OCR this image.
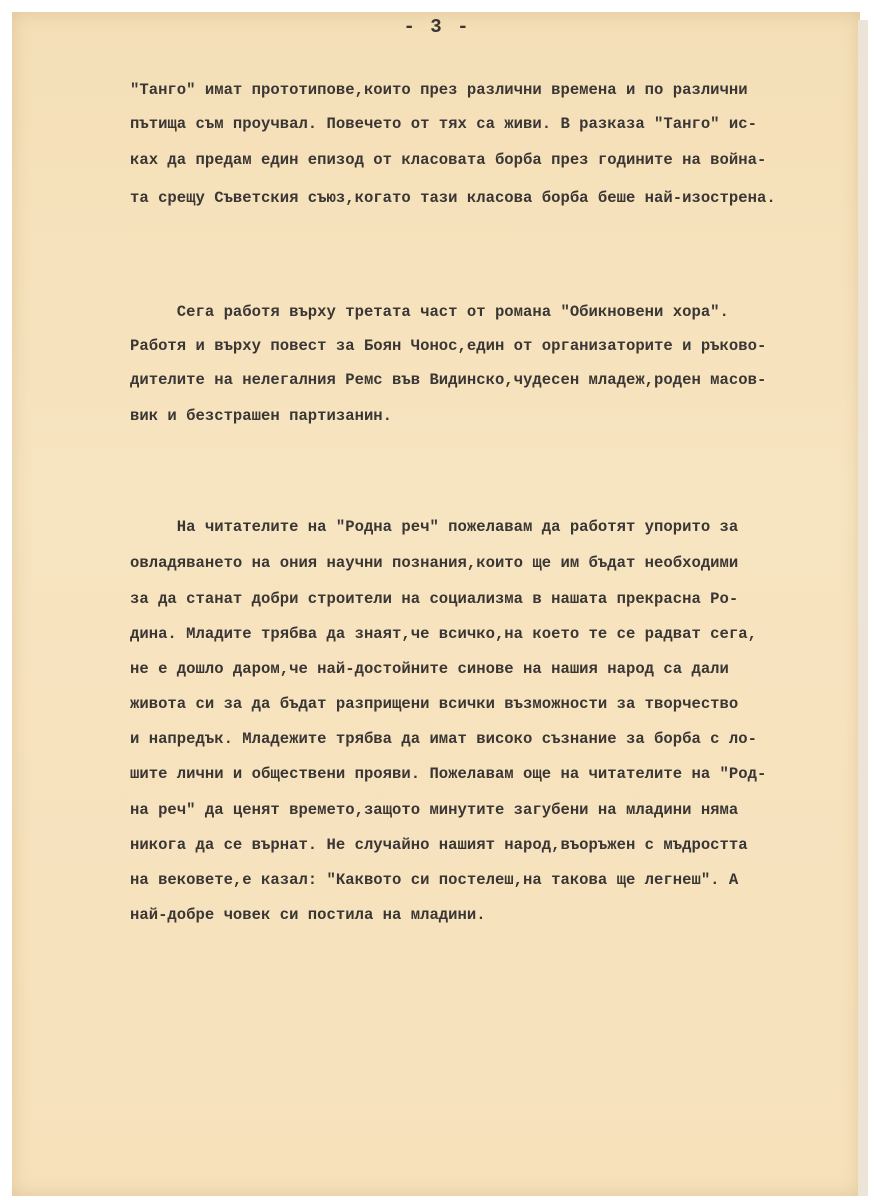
- 3 -
"Танго" имат прототипове,които през различни времена и по различни
пътища съм проучвал. Повечето от тях са живи. В разказа "Танго" ис-
ках да предам един епизод от класовата борба през годините на война-
та срещу Съветския съюз,когато тази класова борба беше най-изострена.
Сега работя върху третата част от романа "Обикновени хора".
Работя и върху повест за Боян Чонос,един от организаторите и ръково-
дителите на нелегалния Ремс във Видинско,чудесен младеж,роден масов-
вик и безстрашен партизанин.
На читателите на "Родна реч" пожелавам да работят упорито за
овладяването на ония научни познания,които ще им бъдат необходими
за да станат добри строители на социализма в нашата прекрасна Ро-
дина. Младите трябва да знаят,че всичко,на което те се радват сега,
не е дошло даром,че най-достойните синове на нашия народ са дали
живота си за да бъдат разприщени всички възможности за творчество
и напредък. Младежите трябва да имат високо съзнание за борба с ло-
шите лични и обществени прояви. Пожелавам още на читателите на "Род-
на реч" да ценят времето,защото минутите загубени на младини няма
никога да се върнат. Не случайно нашият народ,въоръжен с мъдростта
на вековете,е казал: "Каквото си постелеш,на такова ще легнеш". А
най-добре човек си постила на младини.
